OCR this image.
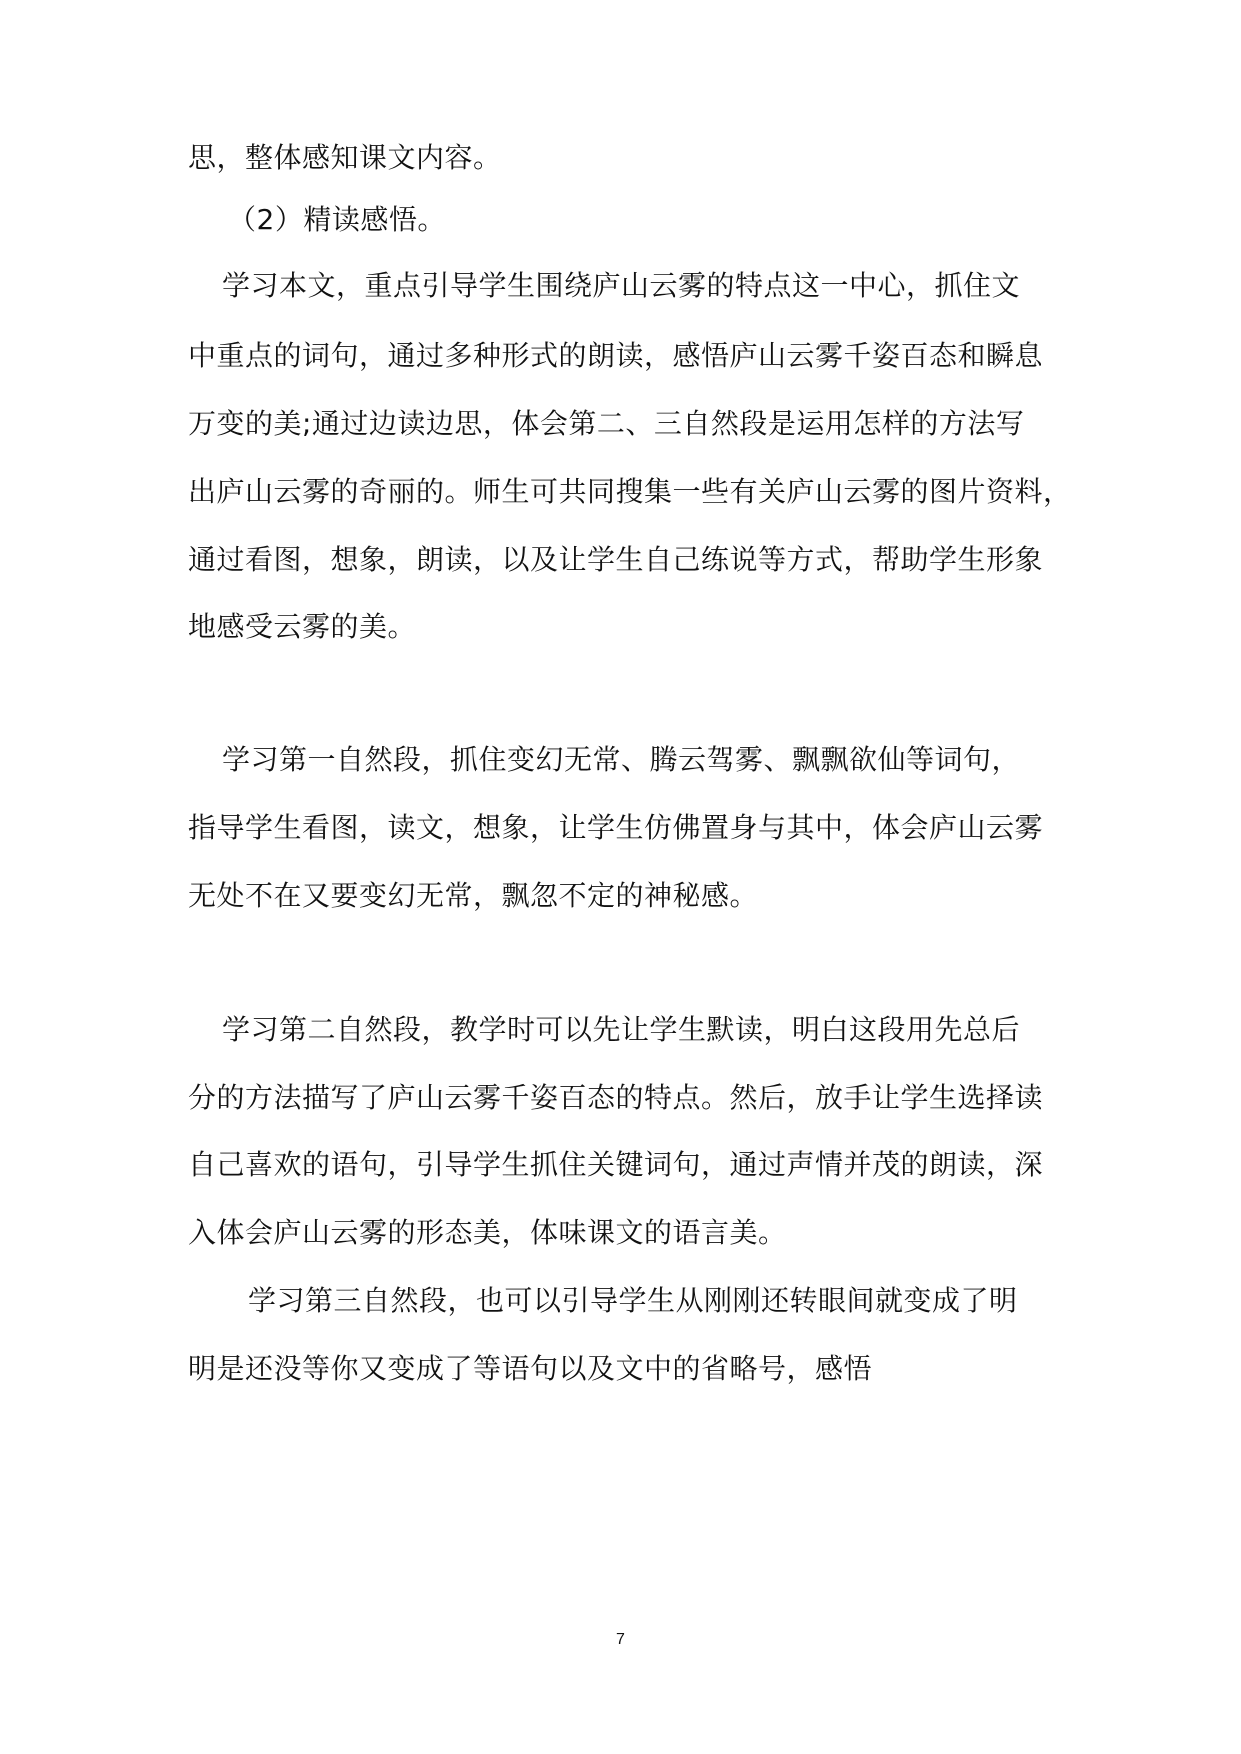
思，整体感知课文内容。
（2）精读感悟。
学习本文，重点引导学生围绕庐山云雾的特点这一中心，抓住文
中重点的词句，通过多种形式的朗读，感悟庐山云雾千姿百态和瞬息
万变的美;通过边读边思，体会第二、三自然段是运用怎样的方法写
出庐山云雾的奇丽的。师生可共同搜集一些有关庐山云雾的图片资料，
通过看图，想象，朗读，以及让学生自己练说等方式，帮助学生形象
地感受云雾的美。
学习第一自然段，抓住变幻无常、腾云驾雾、飘飘欲仙等词句，
指导学生看图，读文，想象，让学生仿佛置身与其中，体会庐山云雾
无处不在又要变幻无常，飘忽不定的神秘感。
学习第二自然段，教学时可以先让学生默读，明白这段用先总后
分的方法描写了庐山云雾千姿百态的特点。然后，放手让学生选择读
自己喜欢的语句，引导学生抓住关键词句，通过声情并茂的朗读，深
入体会庐山云雾的形态美，体味课文的语言美。
学习第三自然段，也可以引导学生从刚刚还转眼间就变成了明
明是还没等你又变成了等语句以及文中的省略号，感悟
7
